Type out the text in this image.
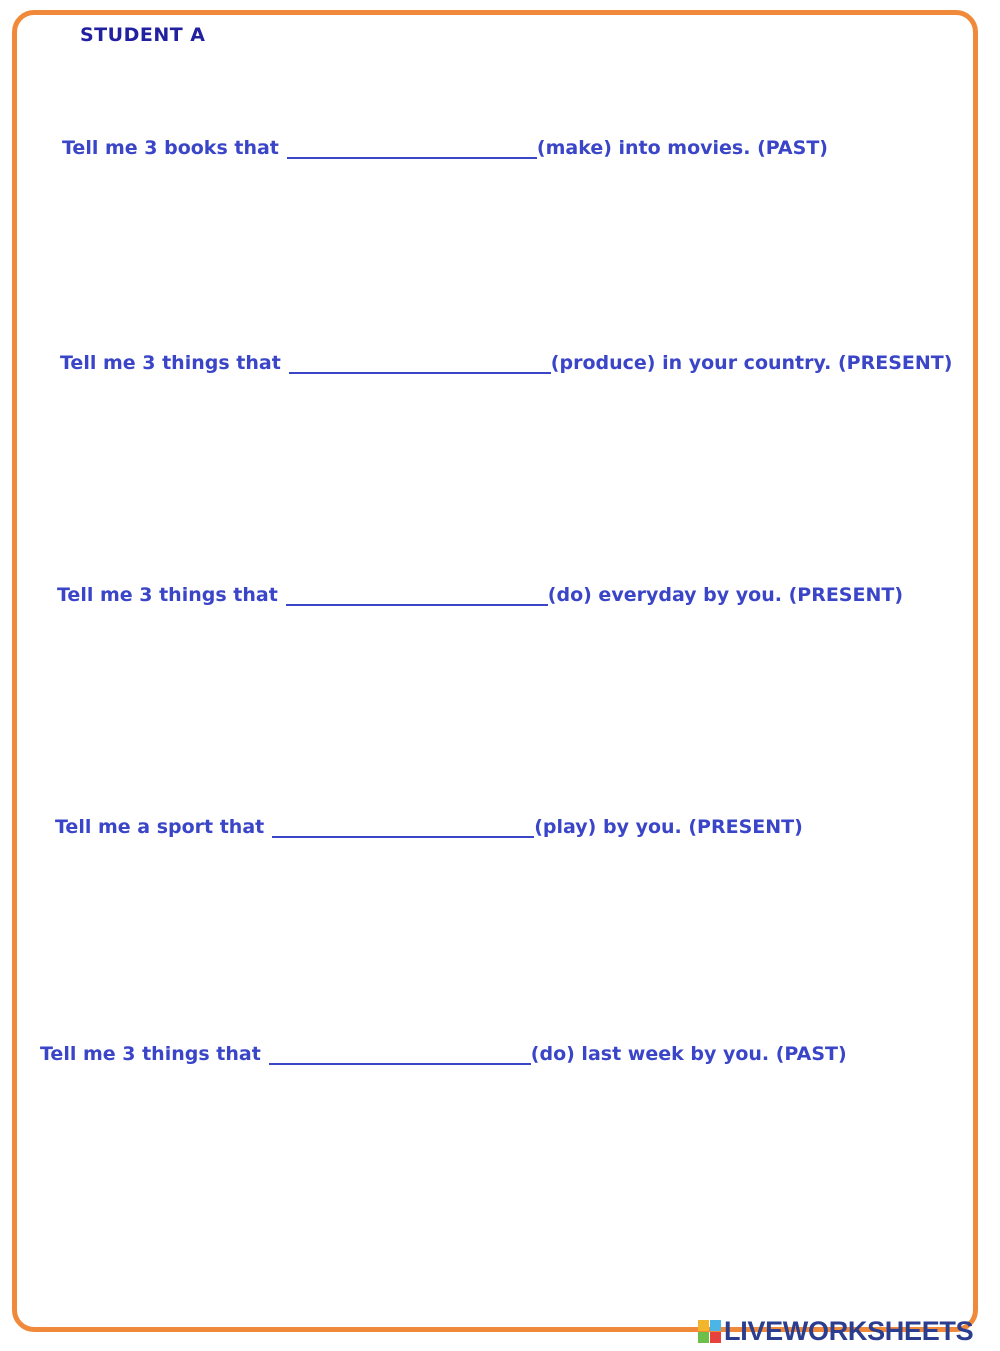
STUDENT A
Tell me 3 books that	(make) into movies. (PAST)
Tell me 3 things that	(produce) in your country. (PRESENT)
Tell me 3 things that	(do) everyday by you. (PRESENT)
Tell me a sport that	(play) by you. (PRESENT)
Tell me 3 things that	(do) last week by you. (PAST)
LIVEWORKSHEETS
